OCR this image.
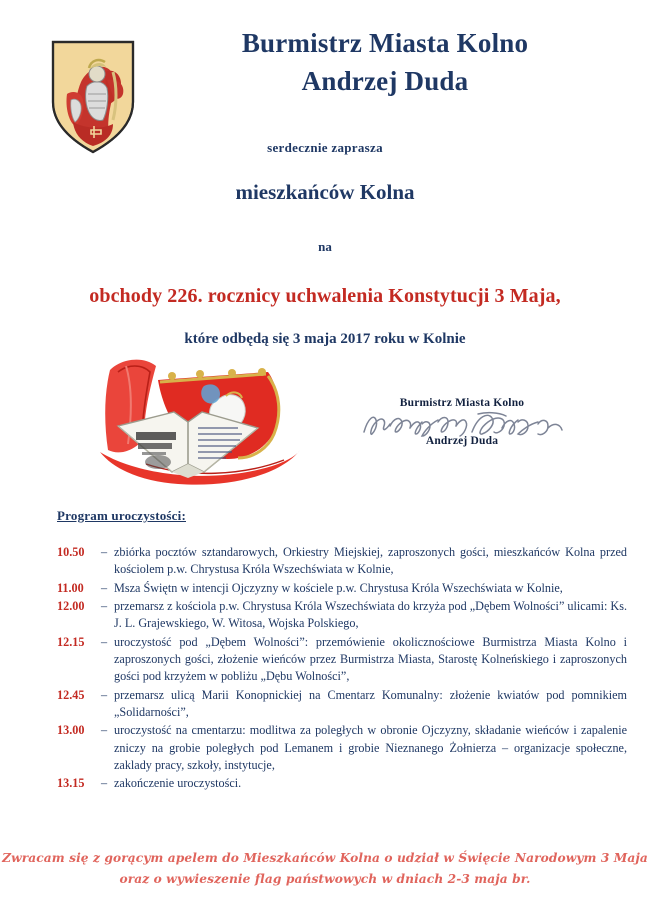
Burmistrz Miasta Kolno
Andrzej Duda
serdecznie zaprasza
mieszkańców Kolna
na
obchody 226. rocznicy uchwalenia Konstytucji 3 Maja,
które odbędą się 3 maja 2017 roku w Kolnie
Burmistrz Miasta Kolno
Andrzej Duda
Program uroczystości:
10.50	– zbiórka pocztów sztandarowych, Orkiestry Miejskiej, zaproszonych gości, mieszkańców Kolna przed kościolem p.w. Chrystusa Króla Wszechświata w Kolnie,
11.00	– Msza Świętn w intencji Ojczyzny w kościele p.w. Chrystusa Króla Wszechświata w Kolnie,
12.00	– przemarsz z kościola p.w. Chrystusa Króla Wszechświata do krzyża pod „Dębem Wolności” ulicami: Ks. J. L. Grajewskiego, W. Witosa, Wojska Polskiego,
12.15	– uroczystość pod „Dębem Wolności”: przemówienie okolicznościowe Burmistrza Miasta Kolno i zaproszonych gości, złożenie wieńców przez Burmistrza Miasta, Starostę Kolneńskiego i zaproszonych gości pod krzyżem w pobliżu „Dębu Wolności”,
12.45	– przemarsz ulicą Marii Konopnickiej na Cmentarz Komunalny: złożenie kwiatów pod pomnikiem „Solidarności”,
13.00	– uroczystość na cmentarzu: modlitwa za poległych w obronie Ojczyzny, składanie wieńców i zapalenie zniczy na grobie poległych pod Lemanem i grobie Nieznanego Żołnierza – organizacje społeczne, zaklady pracy, szkoły, instytucje,
13.15	– zakończenie uroczystości.
Zwracam się z gorącym apelem do Mieszkańców Kolna o udział w Święcie Narodowym 3 Maja
oraz o wywieszenie flag państwowych w dniach 2-3 maja br.
